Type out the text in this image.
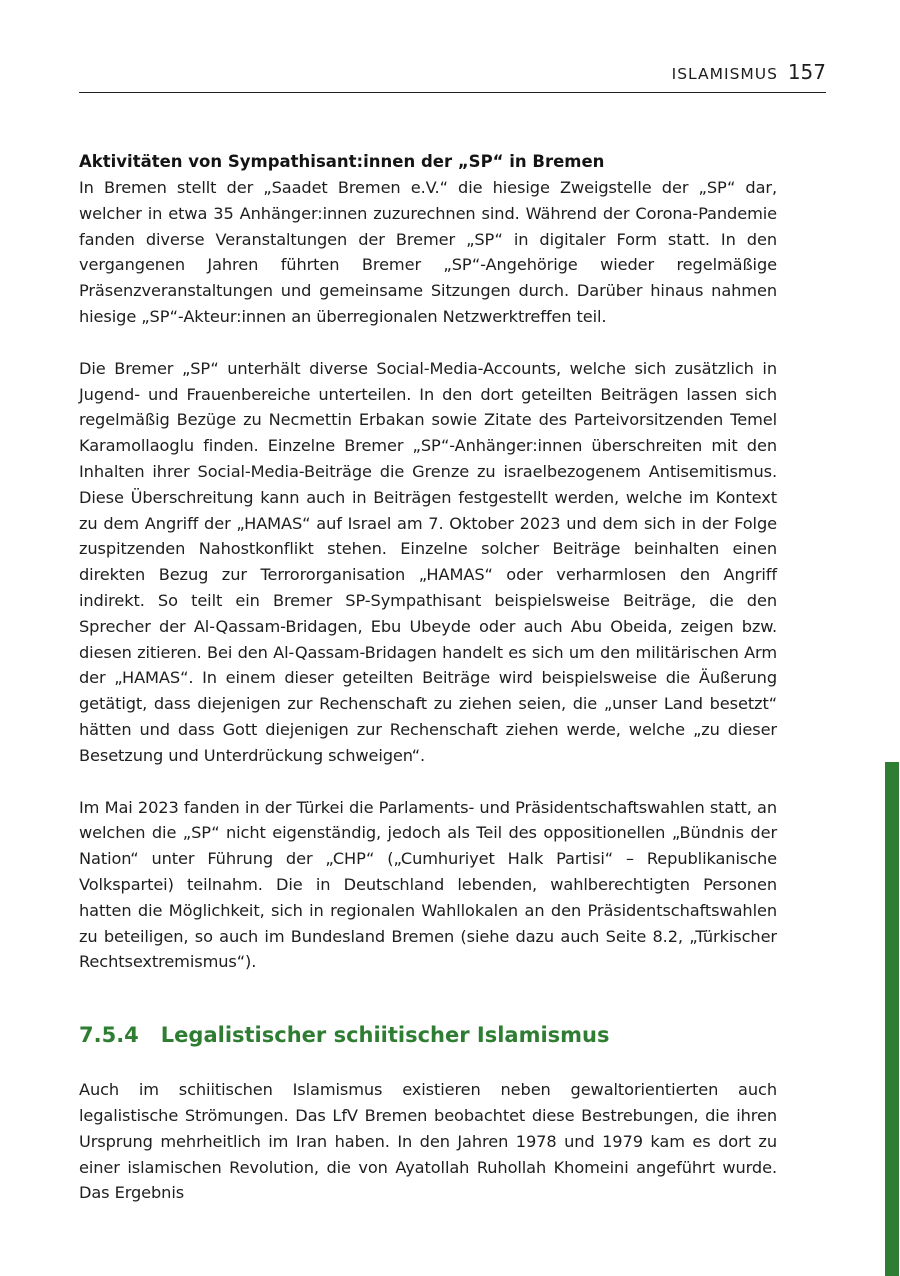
ISLAMISMUS 157
Aktivitäten von Sympathisant:innen der „SP“ in Bremen

In Bremen stellt der „Saadet Bremen e.V.“ die hiesige Zweigstelle der „SP“ dar, welcher in etwa 35 Anhänger:innen zuzurechnen sind. Während der Corona-Pandemie fanden diverse Veranstaltungen der Bremer „SP“ in digitaler Form statt. In den vergangenen Jahren führten Bremer „SP“-Angehörige wieder regelmäßige Präsenzveranstaltungen und gemeinsame Sitzungen durch. Darüber hinaus nahmen hiesige „SP“-Akteur:innen an überregionalen Netzwerktreffen teil.

Die Bremer „SP“ unterhält diverse Social-Media-Accounts, welche sich zusätzlich in Jugend- und Frauenbereiche unterteilen. In den dort geteilten Beiträgen lassen sich regelmäßig Bezüge zu Necmettin Erbakan sowie Zitate des Parteivorsitzenden Temel Karamollaoglu finden. Einzelne Bremer „SP“-Anhänger:innen überschreiten mit den Inhalten ihrer Social-Media-Beiträge die Grenze zu israelbezogenem Antisemitismus. Diese Überschreitung kann auch in Beiträgen festgestellt werden, welche im Kontext zu dem Angriff der „HAMAS“ auf Israel am 7. Oktober 2023 und dem sich in der Folge zuspitzenden Nahostkonflikt stehen. Einzelne solcher Beiträge beinhalten einen direkten Bezug zur Terrororganisation „HAMAS“ oder verharmlosen den Angriff indirekt. So teilt ein Bremer SP-Sympathisant beispielsweise Beiträge, die den Sprecher der Al-Qassam-Bridagen, Ebu Ubeyde oder auch Abu Obeida, zeigen bzw. diesen zitieren. Bei den Al-Qassam-Bridagen handelt es sich um den militärischen Arm der „HAMAS“. In einem dieser geteilten Beiträge wird beispielsweise die Äußerung getätigt, dass diejenigen zur Rechenschaft zu ziehen seien, die „unser Land besetzt“ hätten und dass Gott diejenigen zur Rechenschaft ziehen werde, welche „zu dieser Besetzung und Unterdrückung schweigen“.

Im Mai 2023 fanden in der Türkei die Parlaments- und Präsidentschaftswahlen statt, an welchen die „SP“ nicht eigenständig, jedoch als Teil des oppositionellen „Bündnis der Nation“ unter Führung der „CHP“ („Cumhuriyet Halk Partisi“ – Republikanische Volkspartei) teilnahm. Die in Deutschland lebenden, wahlberechtigten Personen hatten die Möglichkeit, sich in regionalen Wahllokalen an den Präsidentschaftswahlen zu beteiligen, so auch im Bundesland Bremen (siehe dazu auch Seite 8.2, „Türkischer Rechtsextremismus“).

7.5.4 Legalistischer schiitischer Islamismus

Auch im schiitischen Islamismus existieren neben gewaltorientierten auch legalistische Strömungen. Das LfV Bremen beobachtet diese Bestrebungen, die ihren Ursprung mehrheitlich im Iran haben. In den Jahren 1978 und 1979 kam es dort zu einer islamischen Revolution, die von Ayatollah Ruhollah Khomeini angeführt wurde. Das Ergebnis
